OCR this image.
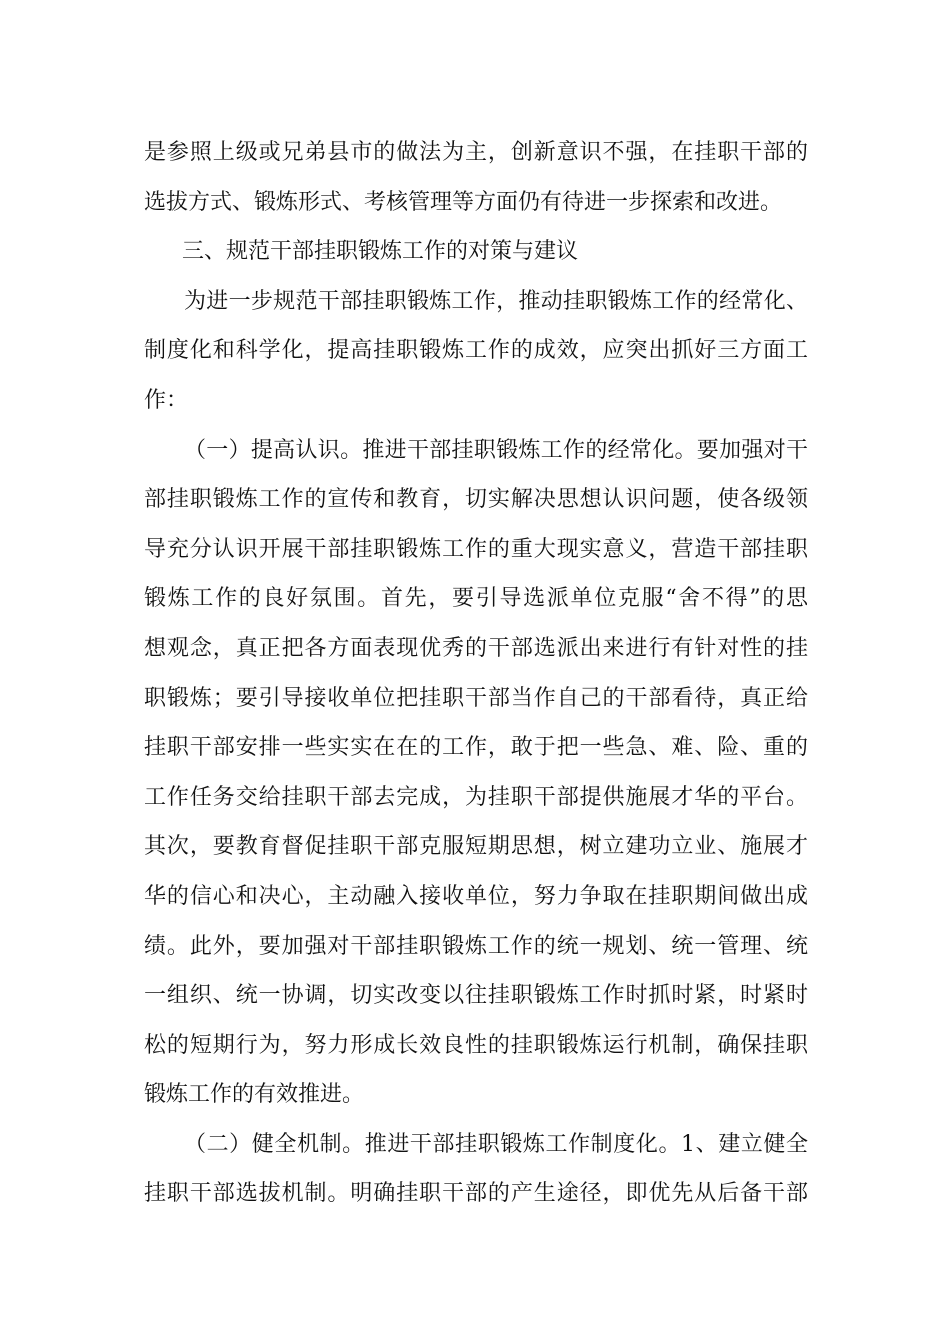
是参照上级或兄弟县市的做法为主，创新意识不强，在挂职干部的
选拔方式、锻炼形式、考核管理等方面仍有待进一步探索和改进。
三、规范干部挂职锻炼工作的对策与建议
为进一步规范干部挂职锻炼工作，推动挂职锻炼工作的经常化、
制度化和科学化，提高挂职锻炼工作的成效，应突出抓好三方面工
作：
（一）提高认识。推进干部挂职锻炼工作的经常化。要加强对干
部挂职锻炼工作的宣传和教育，切实解决思想认识问题，使各级领
导充分认识开展干部挂职锻炼工作的重大现实意义，营造干部挂职
锻炼工作的良好氛围。首先，要引导选派单位克服“舍不得”的思
想观念，真正把各方面表现优秀的干部选派出来进行有针对性的挂
职锻炼；要引导接收单位把挂职干部当作自己的干部看待，真正给
挂职干部安排一些实实在在的工作，敢于把一些急、难、险、重的
工作任务交给挂职干部去完成，为挂职干部提供施展才华的平台。
其次，要教育督促挂职干部克服短期思想，树立建功立业、施展才
华的信心和决心，主动融入接收单位，努力争取在挂职期间做出成
绩。此外，要加强对干部挂职锻炼工作的统一规划、统一管理、统
一组织、统一协调，切实改变以往挂职锻炼工作时抓时紧，时紧时
松的短期行为，努力形成长效良性的挂职锻炼运行机制，确保挂职
锻炼工作的有效推进。
（二）健全机制。推进干部挂职锻炼工作制度化。1、建立健全
挂职干部选拔机制。明确挂职干部的产生途径，即优先从后备干部
